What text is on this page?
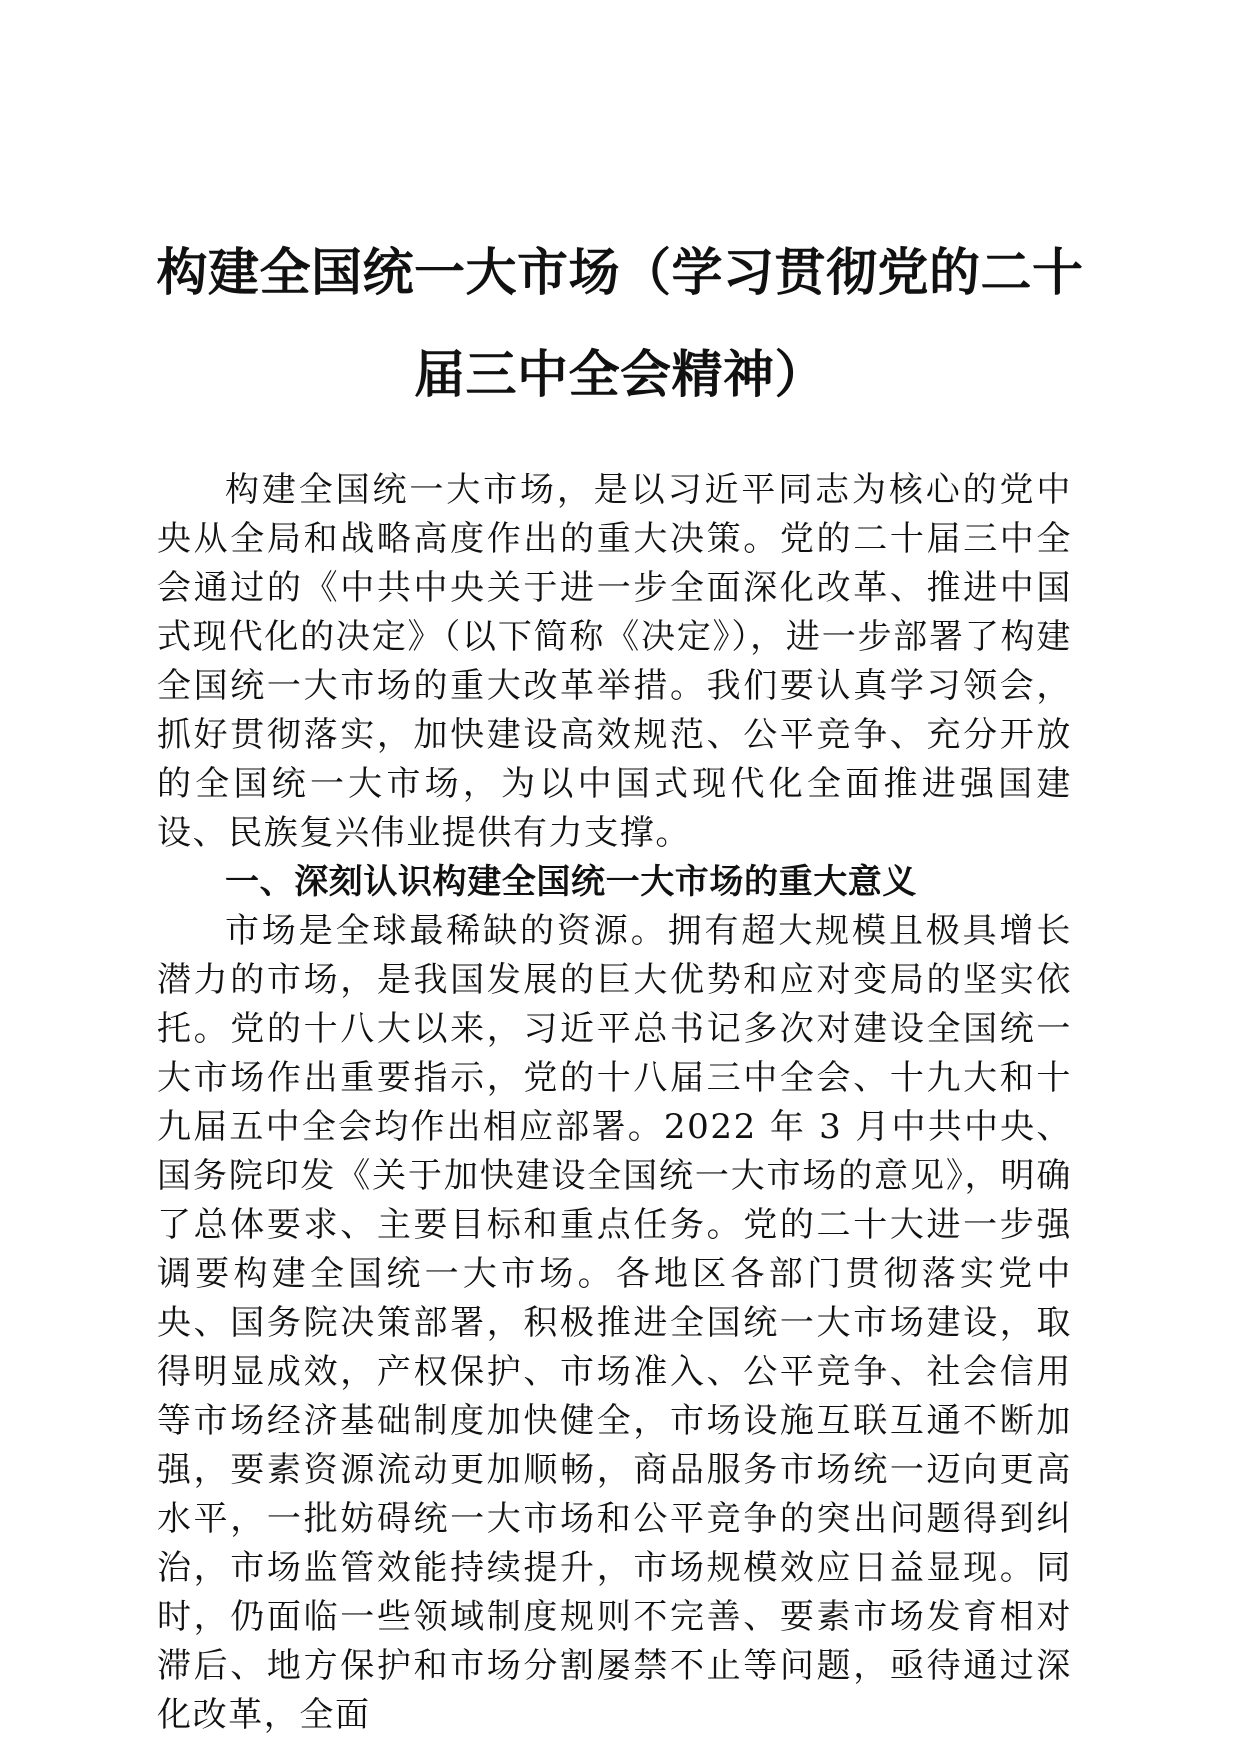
构建全国统一大市场（学习贯彻党的二十届三中全会精神）

构建全国统一大市场，是以习近平同志为核心的党中央从全局和战略高度作出的重大决策。党的二十届三中全会通过的《中共中央关于进一步全面深化改革、推进中国式现代化的决定》（以下简称《决定》），进一步部署了构建全国统一大市场的重大改革举措。我们要认真学习领会，抓好贯彻落实，加快建设高效规范、公平竞争、充分开放的全国统一大市场，为以中国式现代化全面推进强国建设、民族复兴伟业提供有力支撑。

一、深刻认识构建全国统一大市场的重大意义

市场是全球最稀缺的资源。拥有超大规模且极具增长潜力的市场，是我国发展的巨大优势和应对变局的坚实依托。党的十八大以来，习近平总书记多次对建设全国统一大市场作出重要指示，党的十八届三中全会、十九大和十九届五中全会均作出相应部署。2022 年 3 月中共中央、国务院印发《关于加快建设全国统一大市场的意见》，明确了总体要求、主要目标和重点任务。党的二十大进一步强调要构建全国统一大市场。各地区各部门贯彻落实党中央、国务院决策部署，积极推进全国统一大市场建设，取得明显成效，产权保护、市场准入、公平竞争、社会信用等市场经济基础制度加快健全，市场设施互联互通不断加强，要素资源流动更加顺畅，商品服务市场统一迈向更高水平，一批妨碍统一大市场和公平竞争的突出问题得到纠治，市场监管效能持续提升，市场规模效应日益显现。同时，仍面临一些领域制度规则不完善、要素市场发育相对滞后、地方保护和市场分割屡禁不止等问题，亟待通过深化改革，全面
